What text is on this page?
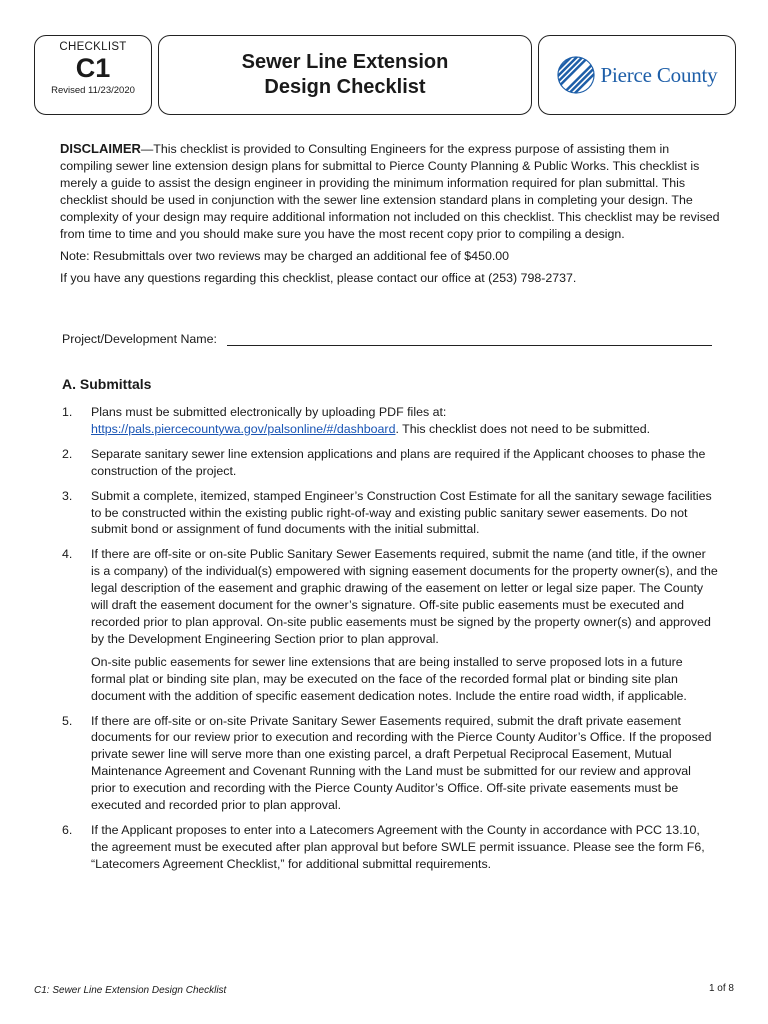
CHECKLIST
C1
Revised 11/23/2020
Sewer Line Extension
Design Checklist
Pierce County

DISCLAIMER—This checklist is provided to Consulting Engineers for the express purpose of assisting them in compiling sewer line extension design plans for submittal to Pierce County Planning & Public Works. This checklist is merely a guide to assist the design engineer in providing the minimum information required for plan submittal. This checklist should be used in conjunction with the sewer line extension standard plans in completing your design. The complexity of your design may require additional information not included on this checklist. This checklist may be revised from time to time and you should make sure you have the most recent copy prior to compiling a design.

Note: Resubmittals over two reviews may be charged an additional fee of $450.00

If you have any questions regarding this checklist, please contact our office at (253) 798-2737.

Project/Development Name:
A. Submittals
1.	Plans must be submitted electronically by uploading PDF files at: https://pals.piercecountywa.gov/palsonline/#/dashboard. This checklist does not need to be submitted.

2.	Separate sanitary sewer line extension applications and plans are required if the Applicant chooses to phase the construction of the project.

3.	Submit a complete, itemized, stamped Engineer’s Construction Cost Estimate for all the sanitary sewage facilities to be constructed within the existing public right-of-way and existing public sanitary sewer easements. Do not submit bond or assignment of fund documents with the initial submittal.

4.	If there are off-site or on-site Public Sanitary Sewer Easements required, submit the name (and title, if the owner is a company) of the individual(s) empowered with signing easement documents for the property owner(s), and the legal description of the easement and graphic drawing of the easement on letter or legal size paper. The County will draft the easement document for the owner’s signature. Off-site public easements must be executed and recorded prior to plan approval. On-site public easements must be signed by the property owner(s) and approved by the Development Engineering Section prior to plan approval.

On-site public easements for sewer line extensions that are being installed to serve proposed lots in a future formal plat or binding site plan, may be executed on the face of the recorded formal plat or binding site plan document with the addition of specific easement dedication notes. Include the entire road width, if applicable.

5.	If there are off-site or on-site Private Sanitary Sewer Easements required, submit the draft private easement documents for our review prior to execution and recording with the Pierce County Auditor’s Office. If the proposed private sewer line will serve more than one existing parcel, a draft Perpetual Reciprocal Easement, Mutual Maintenance Agreement and Covenant Running with the Land must be submitted for our review and approval prior to execution and recording with the Pierce County Auditor’s Office. Off-site private easements must be executed and recorded prior to plan approval.

6.	If the Applicant proposes to enter into a Latecomers Agreement with the County in accordance with PCC 13.10, the agreement must be executed after plan approval but before SWLE permit issuance. Please see the form F6, “Latecomers Agreement Checklist,” for additional submittal requirements.

C1: Sewer Line Extension Design Checklist	1 of 8
